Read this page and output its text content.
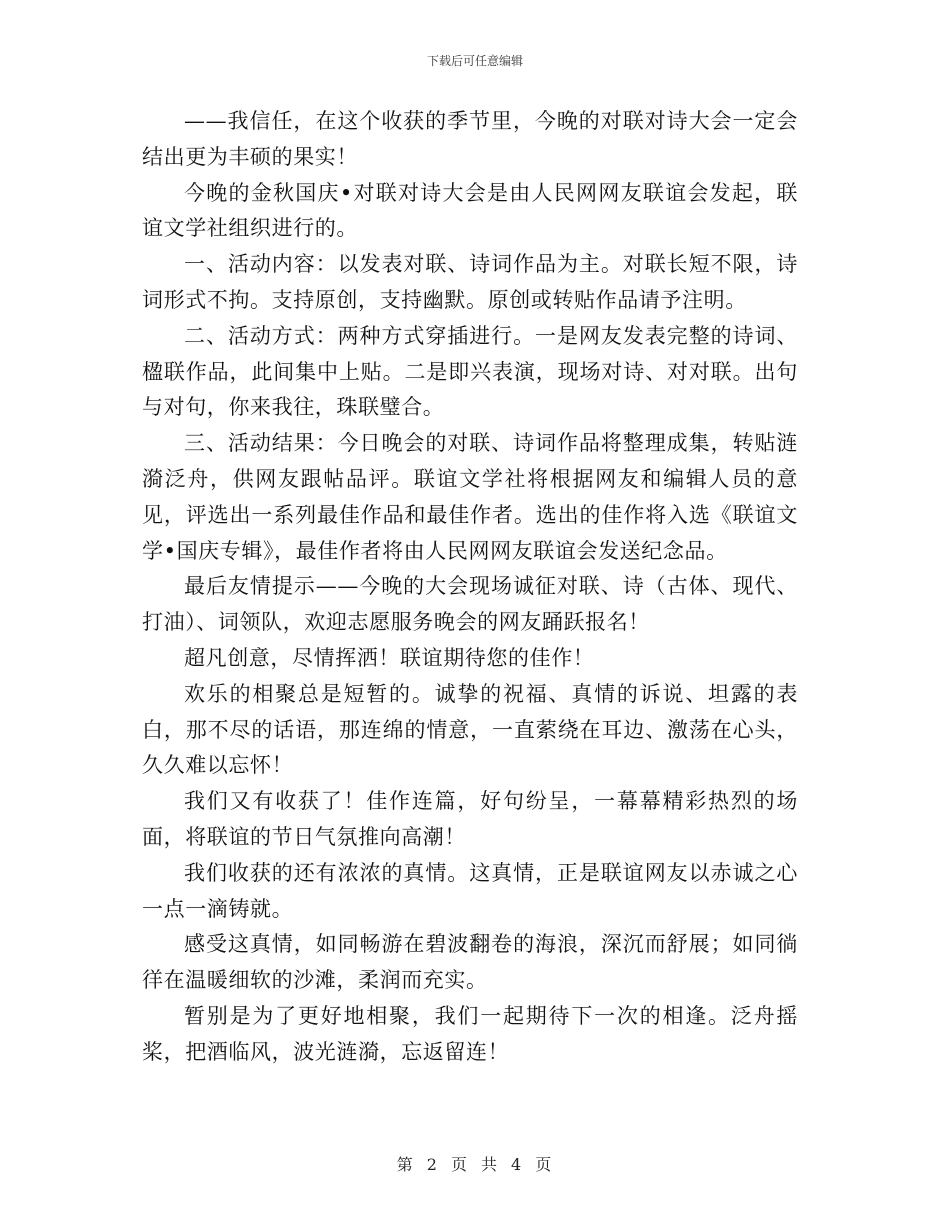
下载后可任意编辑

——我信任，在这个收获的季节里，今晚的对联对诗大会一定会结出更为丰硕的果实！

今晚的金秋国庆•对联对诗大会是由人民网网友联谊会发起，联谊文学社组织进行的。

一、活动内容：以发表对联、诗词作品为主。对联长短不限，诗词形式不拘。支持原创，支持幽默。原创或转贴作品请予注明。

二、活动方式：两种方式穿插进行。一是网友发表完整的诗词、楹联作品，此间集中上贴。二是即兴表演，现场对诗、对对联。出句与对句，你来我往，珠联璧合。

三、活动结果：今日晚会的对联、诗词作品将整理成集，转贴涟漪泛舟，供网友跟帖品评。联谊文学社将根据网友和编辑人员的意见，评选出一系列最佳作品和最佳作者。选出的佳作将入选《联谊文学•国庆专辑》，最佳作者将由人民网网友联谊会发送纪念品。

最后友情提示——今晚的大会现场诚征对联、诗（古体、现代、打油）、词领队，欢迎志愿服务晚会的网友踊跃报名！

超凡创意，尽情挥洒！联谊期待您的佳作！

欢乐的相聚总是短暂的。诚挚的祝福、真情的诉说、坦露的表白，那不尽的话语，那连绵的情意，一直萦绕在耳边、激荡在心头，久久难以忘怀！

我们又有收获了！佳作连篇，好句纷呈，一幕幕精彩热烈的场面，将联谊的节日气氛推向高潮！

我们收获的还有浓浓的真情。这真情，正是联谊网友以赤诚之心一点一滴铸就。

感受这真情，如同畅游在碧波翻卷的海浪，深沉而舒展；如同徜徉在温暖细软的沙滩，柔润而充实。

暂别是为了更好地相聚，我们一起期待下一次的相逢。泛舟摇桨，把酒临风，波光涟漪，忘返留连！

第 2 页 共 4 页
